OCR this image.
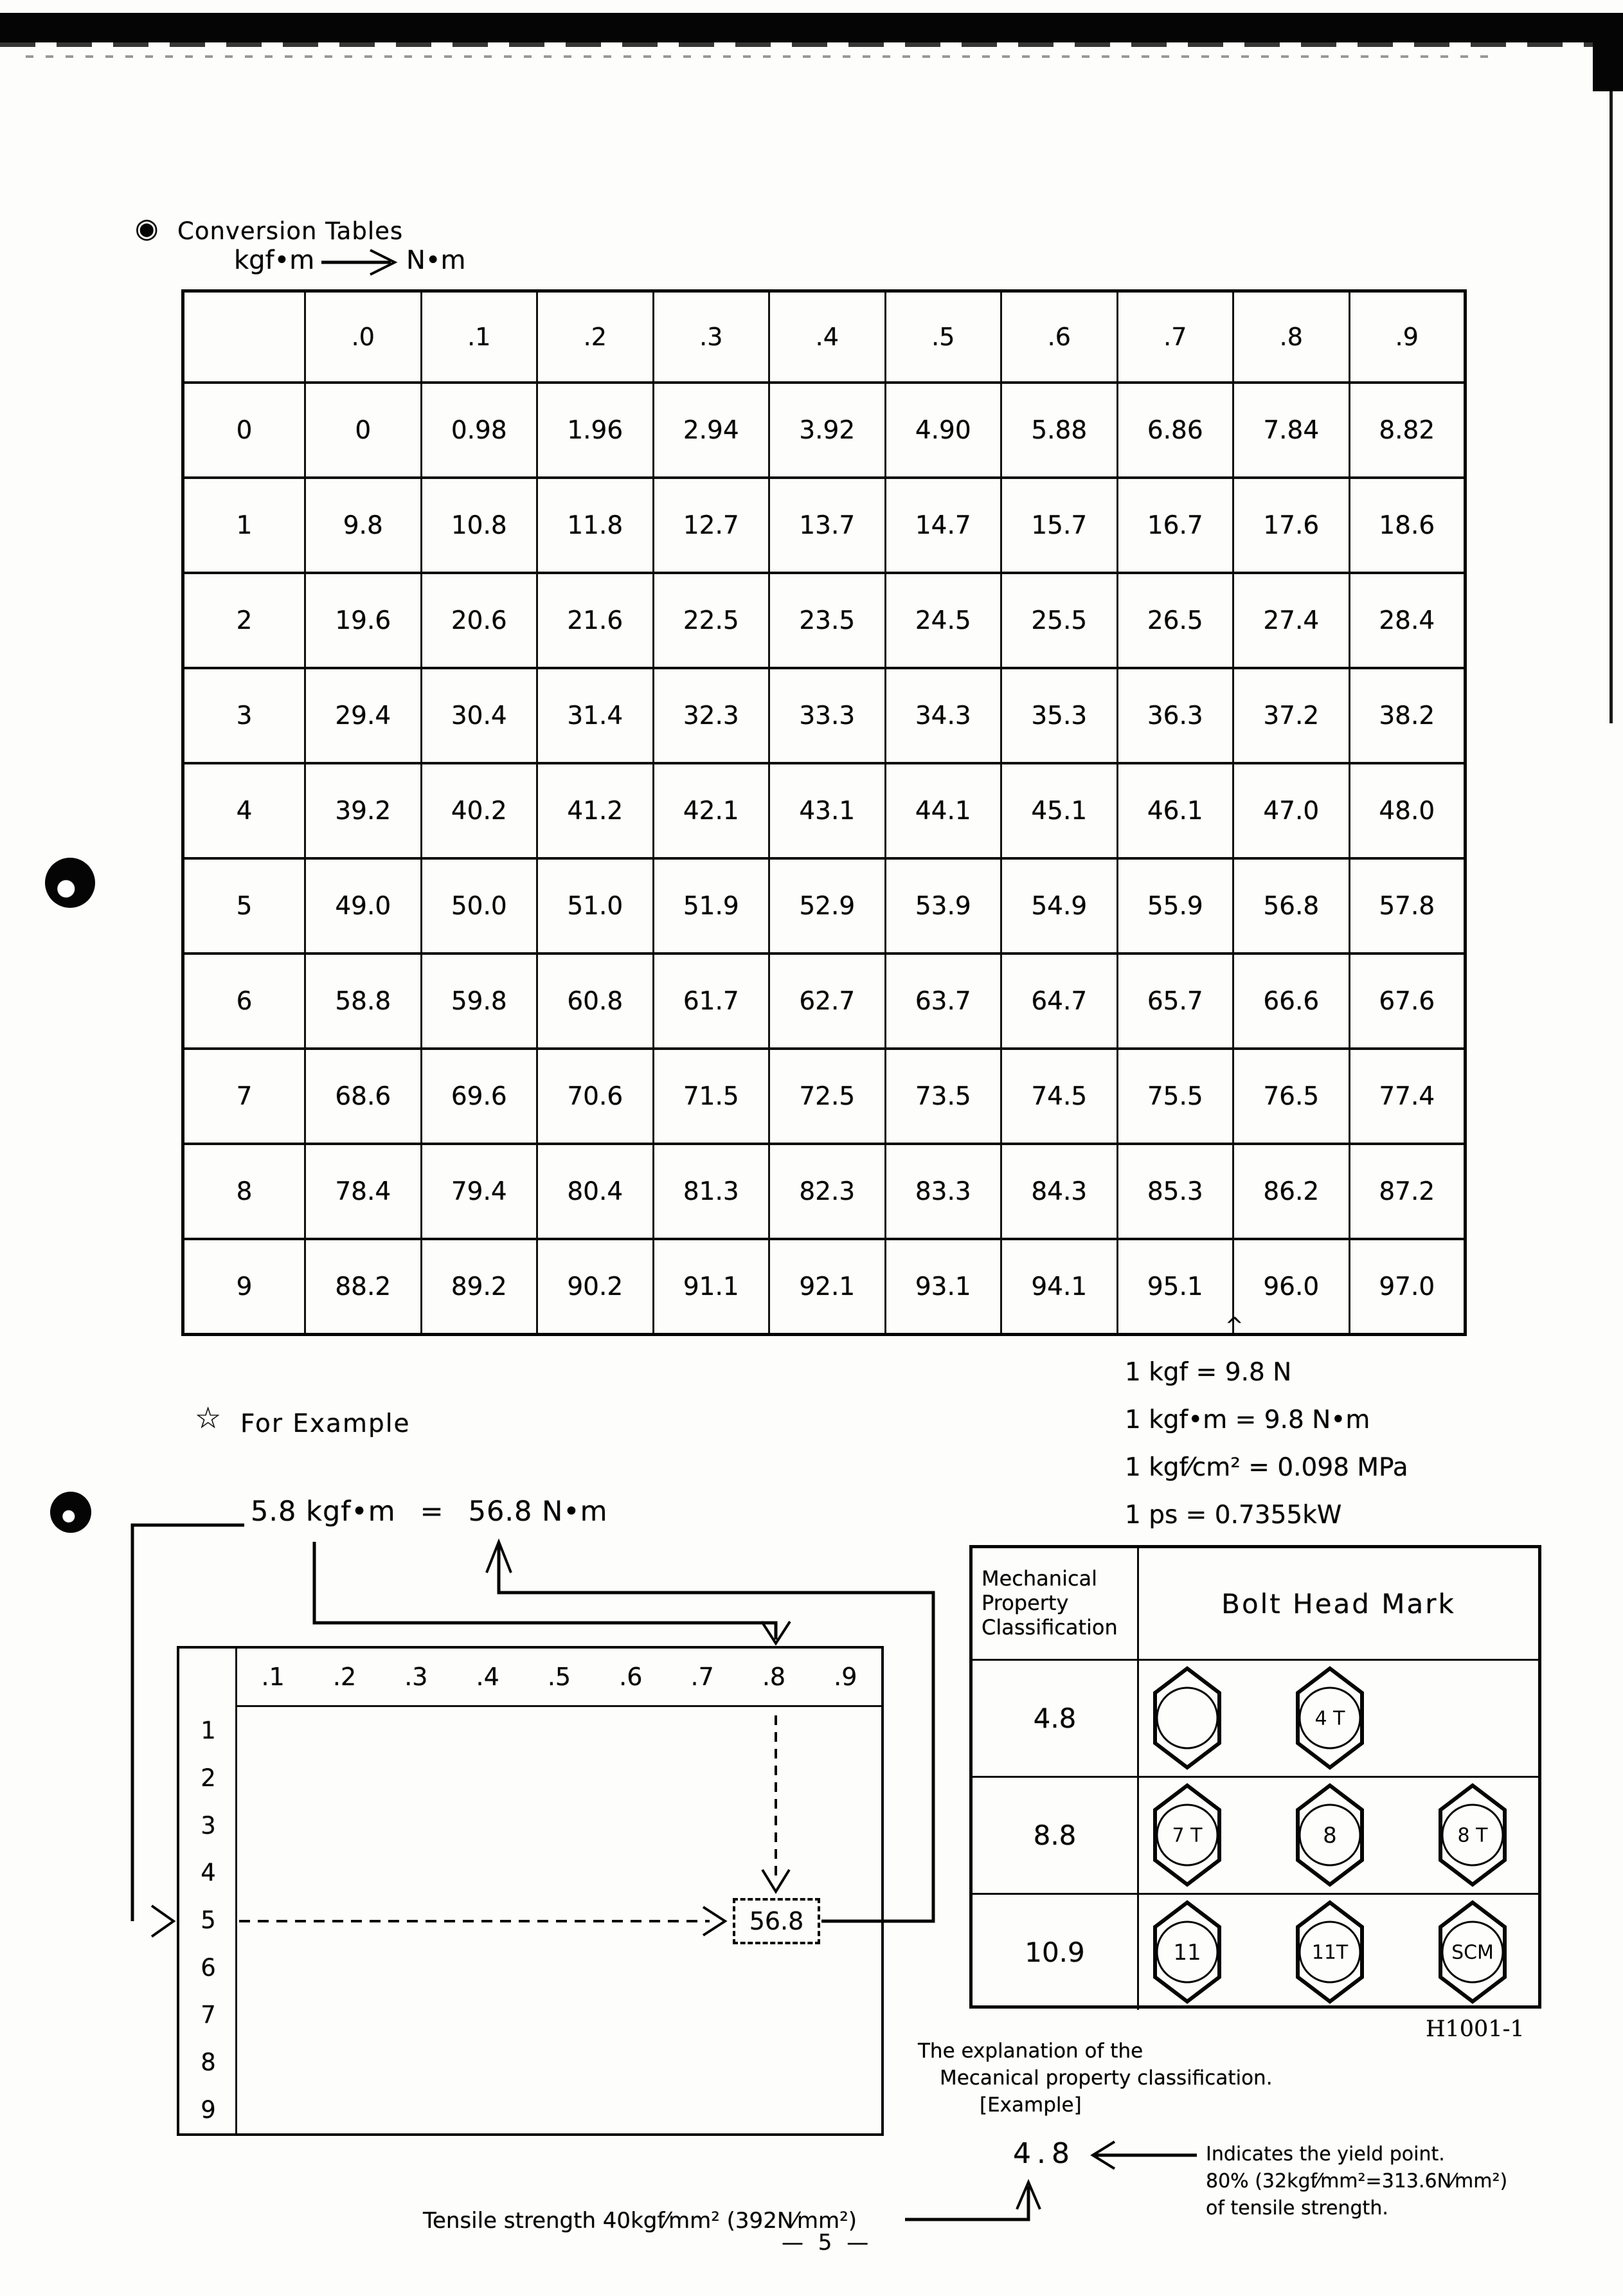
◉ Conversion Tables
kgf•m	N•m
	.0	.1	.2	.3	.4	.5	.6	.7	.8	.9
0	0	0.98	1.96	2.94	3.92	4.90	5.88	6.86	7.84	8.82
1	9.8	10.8	11.8	12.7	13.7	14.7	15.7	16.7	17.6	18.6
2	19.6	20.6	21.6	22.5	23.5	24.5	25.5	26.5	27.4	28.4
3	29.4	30.4	31.4	32.3	33.3	34.3	35.3	36.3	37.2	38.2
4	39.2	40.2	41.2	42.1	43.1	44.1	45.1	46.1	47.0	48.0
5	49.0	50.0	51.0	51.9	52.9	53.9	54.9	55.9	56.8	57.8
6	58.8	59.8	60.8	61.7	62.7	63.7	64.7	65.7	66.6	67.6
7	68.6	69.6	70.6	71.5	72.5	73.5	74.5	75.5	76.5	77.4
8	78.4	79.4	80.4	81.3	82.3	83.3	84.3	85.3	86.2	87.2
9	88.2	89.2	90.2	91.1	92.1	93.1	94.1	95.1	96.0	97.0
☆ For Example
5.8 kgf•m = 56.8 N•m
1 kgf = 9.8 N
1 kgf•m = 9.8 N•m
1 kgf⁄cm² = 0.098 MPa
1 ps = 0.7355kW
^
.1	.2	.3	.4	.5	.6	.7	.8	.9
1
2
3
4
5
6
7
8
9
56.8
Mechanical
Property
Classification
Bolt Head Mark
4.8	4 T
8.8	7 T	8	8 T
10.9	11	11T	SCM
H1001-1
The explanation of the
Mecanical property classification.
[Example]
4.8	Indicates the yield point.
80% (32kgf⁄mm²=313.6N⁄mm²)
of tensile strength.
Tensile strength 40kgf⁄mm² (392N⁄mm²)
— 5 —
